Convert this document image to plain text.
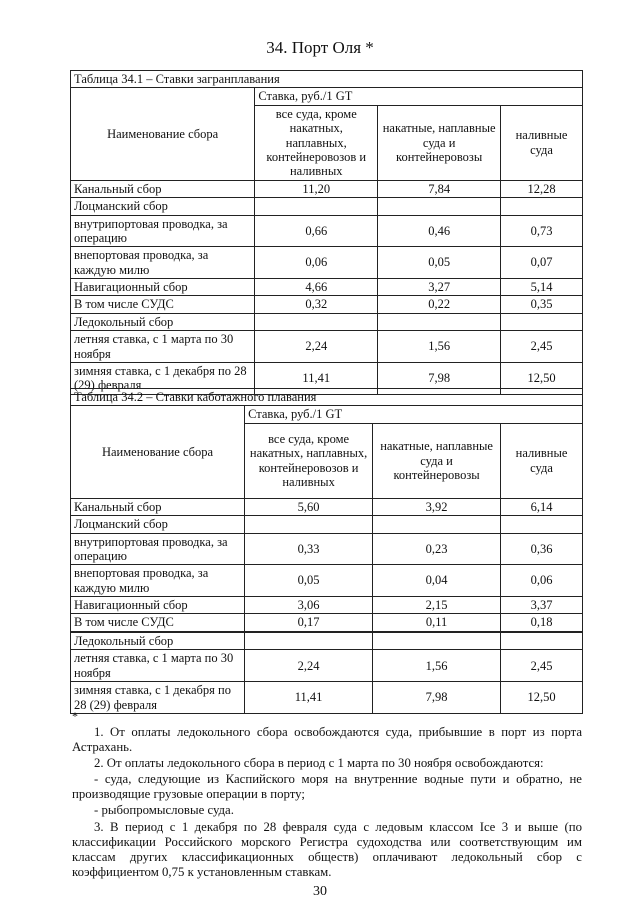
34. Порт Оля *
Таблица 34.1 – Ставки загранплавания			
Наименование сбора	Ставка, руб./1 GT		
	все суда, кроме накатных, наплавных, контейнеровозов и наливных	накатные, наплавные суда и контейнеровозы	наливные суда
Канальный сбор	11,20	7,84	12,28
Лоцманский сбор			
внутрипортовая проводка, за операцию	0,66	0,46	0,73
внепортовая проводка, за каждую милю	0,06	0,05	0,07
Навигационный сбор	4,66	3,27	5,14
В том числе СУДС	0,32	0,22	0,35
Ледокольный сбор			
летняя ставка, с 1 марта по 30 ноября	2,24	1,56	2,45
зимняя ставка, с 1 декабря по 28 (29) февраля	11,41	7,98	12,50
Таблица 34.2 – Ставки каботажного плавания			
Наименование сбора	Ставка, руб./1 GT		
	все суда, кроме накатных, наплавных, контейнеровозов и наливных	накатные, наплавные суда и контейнеровозы	наливные суда
Канальный сбор	5,60	3,92	6,14
Лоцманский сбор			
внутрипортовая проводка, за операцию	0,33	0,23	0,36
внепортовая проводка, за каждую милю	0,05	0,04	0,06
Навигационный сбор	3,06	2,15	3,37
В том числе СУДС	0,17	0,11	0,18
Ледокольный сбор			
летняя ставка, с 1 марта по 30 ноября	2,24	1,56	2,45
зимняя ставка, с 1 декабря по 28 (29) февраля	11,41	7,98	12,50
*

1. От оплаты ледокольного сбора освобождаются суда, прибывшие в порт из порта Астрахань.

2. От оплаты ледокольного сбора в период с 1 марта по 30 ноября освобождаются:

- суда, следующие из Каспийского моря на внутренние водные пути и обратно, не производящие грузовые операции в порту;

- рыбопромысловые суда.

3. В период с 1 декабря по 28 февраля суда с ледовым классом Ice 3 и выше (по классификации Российского морского Регистра судоходства или соответствующим им классам других классификационных обществ) оплачивают ледокольный сбор с коэффициентом 0,75 к установленным ставкам.

30
